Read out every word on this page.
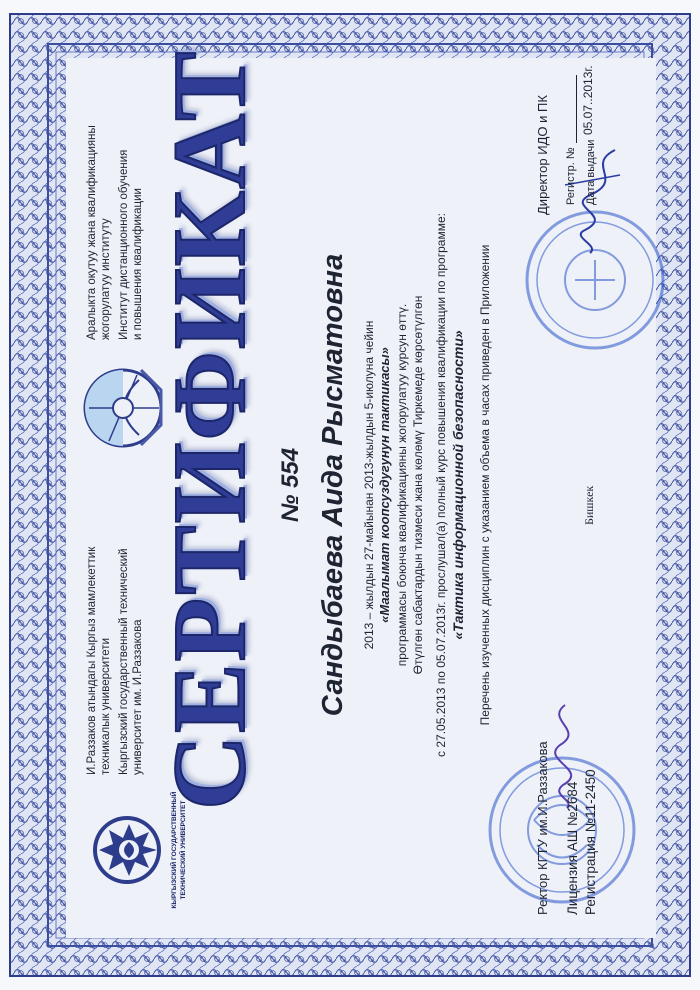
КЫРГЫЗСКИЙ ГОСУДАРСТВЕННЫЙ ТЕХНИЧЕСКИЙ УНИВЕРСИТЕТ
И.Раззаков атындагы Кыргыз мамлекеттик техникалык университети Кыргызский государственный технический университет им. И.Раззакова
Аралыкта окутуу жана квалификацияны жогорулатуу институту Институт дистанционного обучения и повышения квалификации СЕРТИФИКАТ № 554 Сандыбаева Аида Рысматовна 2013 – жылдын 27-майынан 2013-жылдын 5-июлуна чейин «Маалымат коопсуздугунун тактикасы» программасы боюнча квалификацияны жогорулатуу курсун өттү. Өтүлгөн сабактардын тизмеси жана көлөмү Тиркемеде көрсөтүлгөн с 27.05.2013 по 05.07.2013г. прослушал(а) полный курс повышения квалификации по программе: «Тактика информационной безопасности» Перечень изученных дисциплин с указанием объема в часах приведен в Приложении
Ректор КГТУ им.И.Раззакова Лицензия АШ №2684 Регистрация №11-2450
Бишкек
Директор ИДО и ПК Регистр. № Дата выдачи
05.07..2013г.
